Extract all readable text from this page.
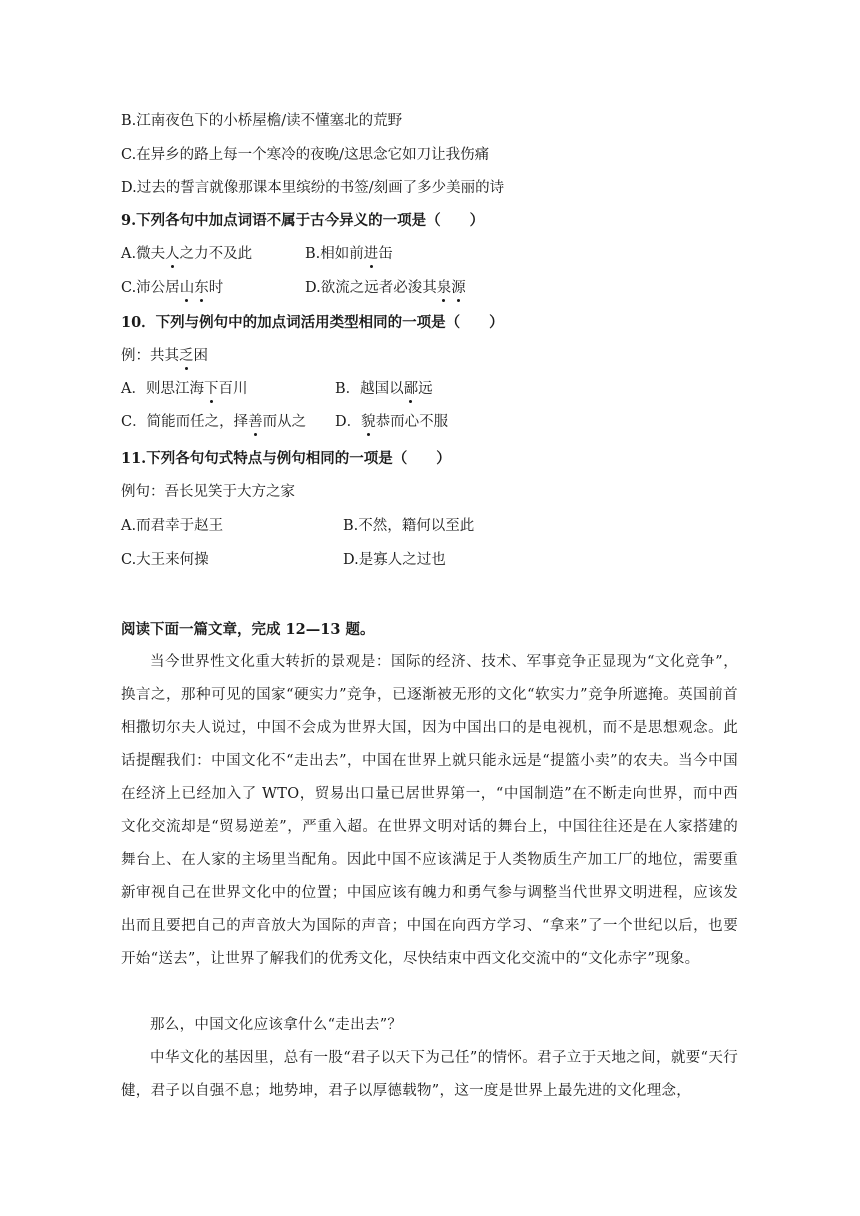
B.江南夜色下的小桥屋檐/读不懂塞北的荒野
C.在异乡的路上每一个寒冷的夜晚/这思念它如刀让我伤痛
D.过去的誓言就像那课本里缤纷的书签/刻画了多少美丽的诗
9.下列各句中加点词语不属于古今异义的一项是（　　）
A.微夫人之力不及此	B.相如前进缶
C.沛公居山东时	D.欲流之远者必浚其泉源
10．下列与例句中的加点词活用类型相同的一项是（　　）
例：共其乏困
A．则思江海下百川	B．越国以鄙远
C．简能而任之，择善而从之 D．貌恭而心不服
11.下列各句句式特点与例句相同的一项是（　　）
例句：吾长见笑于大方之家
A.而君幸于赵王	B.不然，籍何以至此
C.大王来何操	D.是寡人之过也
阅读下面一篇文章，完成 12—13 题。
当今世界性文化重大转折的景观是：国际的经济、技术、军事竞争正显现为“文化竞争”，换言之，那种可见的国家“硬实力”竞争，已逐渐被无形的文化“软实力”竞争所遮掩。英国前首相撒切尔夫人说过，中国不会成为世界大国，因为中国出口的是电视机，而不是思想观念。此话提醒我们：中国文化不“走出去”，中国在世界上就只能永远是“提篮小卖”的农夫。当今中国在经济上已经加入了 WTO，贸易出口量已居世界第一，“中国制造”在不断走向世界，而中西文化交流却是“贸易逆差”，严重入超。在世界文明对话的舞台上，中国往往还是在人家搭建的舞台上、在人家的主场里当配角。因此中国不应该满足于人类物质生产加工厂的地位，需要重新审视自己在世界文化中的位置；中国应该有魄力和勇气参与调整当代世界文明进程，应该发出而且要把自己的声音放大为国际的声音；中国在向西方学习、“拿来”了一个世纪以后，也要开始“送去”，让世界了解我们的优秀文化，尽快结束中西文化交流中的“文化赤字”现象。
那么，中国文化应该拿什么“走出去”？
中华文化的基因里，总有一股“君子以天下为己任”的情怀。君子立于天地之间，就要“天行健，君子以自强不息；地势坤，君子以厚德载物”，这一度是世界上最先进的文化理念，
